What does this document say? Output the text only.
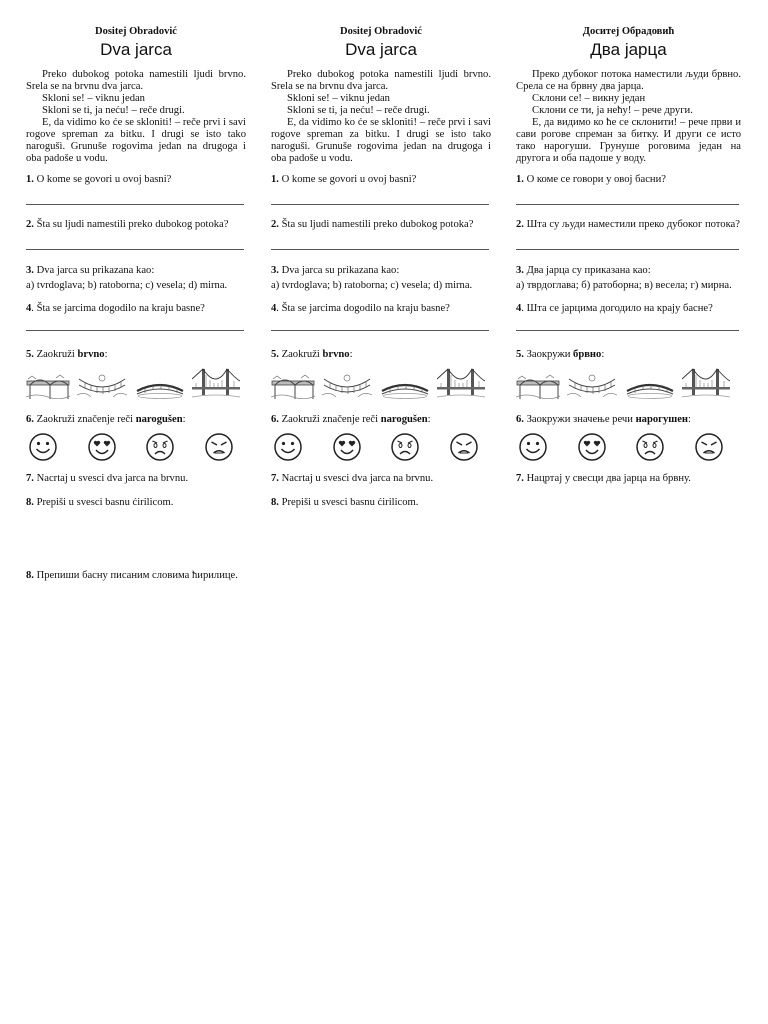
Dositej Obradović
Dva jarca

Preko dubokog potoka namestili ljudi brvno. Srela se na brvnu dva jarca.

Skloni se! – viknu jedan

Skloni se ti, ja neću! – reče drugi.

E, da vidimo ko će se skloniti! – reče prvi i savi rogove spreman za bitku. I drugi se isto tako narogušì. Grunuše rogovima jedan na drugoga i oba padoše u vodu.

1. O kome se govori u ovoj basni?
2. Šta su ljudi namestili preko dubokog potoka?
3. Dva jarca su prikazana kao:
a) tvrdoglava; b) ratoborna; c) vesela; d) mirna.
4. Šta se jarcima dogodilo na kraju basne?
5. Zaokruži brvno:
6. Zaokruži značenje reči narogušen:
7. Nacrtaj u svesci dva jarca na brvnu.
8. Prepiši u svesci basnu ćirilicom.
Dositej Obradović
Dva jarca

Preko dubokog potoka namestili ljudi brvno. Srela se na brvnu dva jarca.

Skloni se! – viknu jedan

Skloni se ti, ja neću! – reče drugi.

E, da vidimo ko će se skloniti! – reče prvi i savi rogove spreman za bitku. I drugi se isto tako narogušì. Grunuše rogovima jedan na drugoga i oba padoše u vodu.

1. O kome se govori u ovoj basni?
2. Šta su ljudi namestili preko dubokog potoka?
3. Dva jarca su prikazana kao:
a) tvrdoglava; b) ratoborna; c) vesela; d) mirna.
4. Šta se jarcima dogodilo na kraju basne?
5. Zaokruži brvno:
6. Zaokruži značenje reči narogušen:
7. Nacrtaj u svesci dva jarca na brvnu.
8. Prepiši u svesci basnu ćirilicom.
Доситеј Обрадовић
Два јарца

Преко дубоког потока наместили људи брвно. Срела се на брвну два јарца.

Склони се! – викну један

Склони се ти, ја нећу! – рече други.

Е, да видимо ко ће се склонити! – рече први и сави рогове спреман за битку. И други се исто тако нарогуши. Грунуше роговима један на другога и оба падоше у воду.

1. О коме се говори у овој басни?
2. Шта су људи наместили преко дубоког потока?
3. Два јарца су приказана као:
а) тврдоглава; б) ратоборна; в) весела; г) мирна.
4. Шта се јарцима догодило на крају басне?
5. Заокружи брвно:
6. Заокружи значење речи нарогушен:
7. Нацртај у свесци два јарца на брвну.
8. Препиши басну писаним словима ћирилице.
